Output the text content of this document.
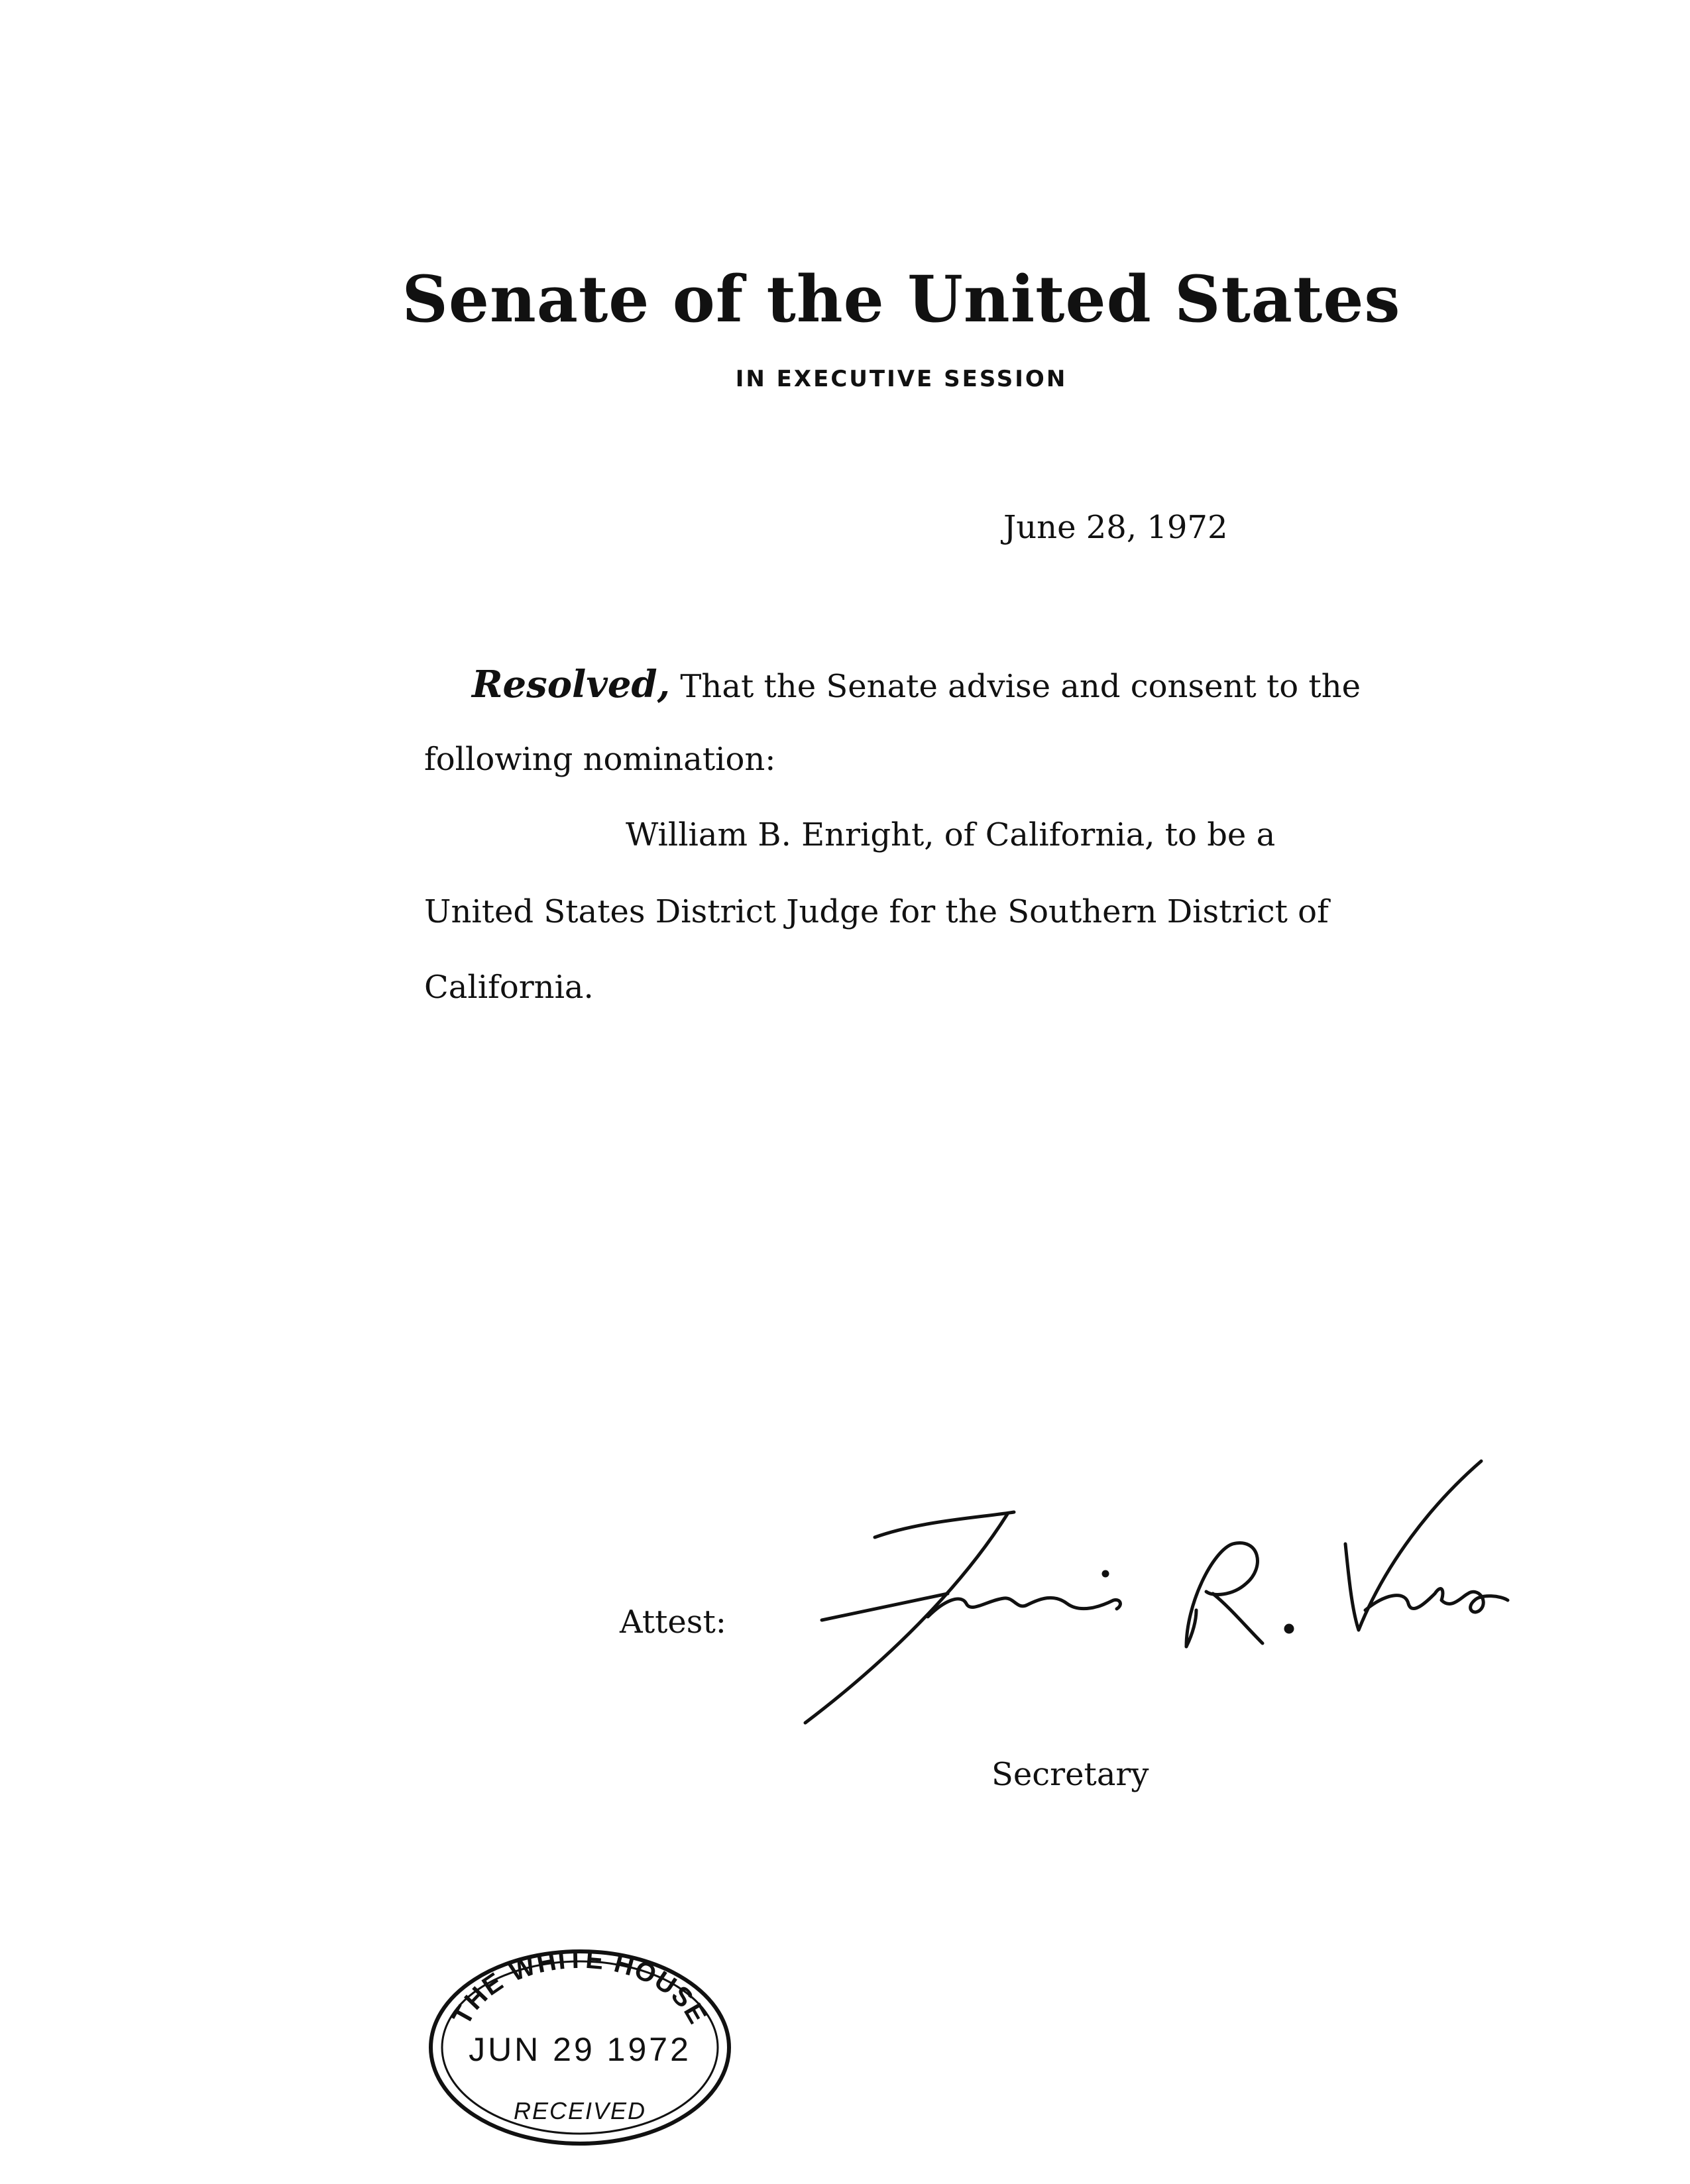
Senate of the United States
IN EXECUTIVE SESSION
June 28, 1972
Resolved, That the Senate advise and consent to the
following nomination:
William B. Enright, of California, to be a
United States District Judge for the Southern District of
California.
Attest:
Secretary
THE WHITE HOUSE
JUN 29 1972
RECEIVED
